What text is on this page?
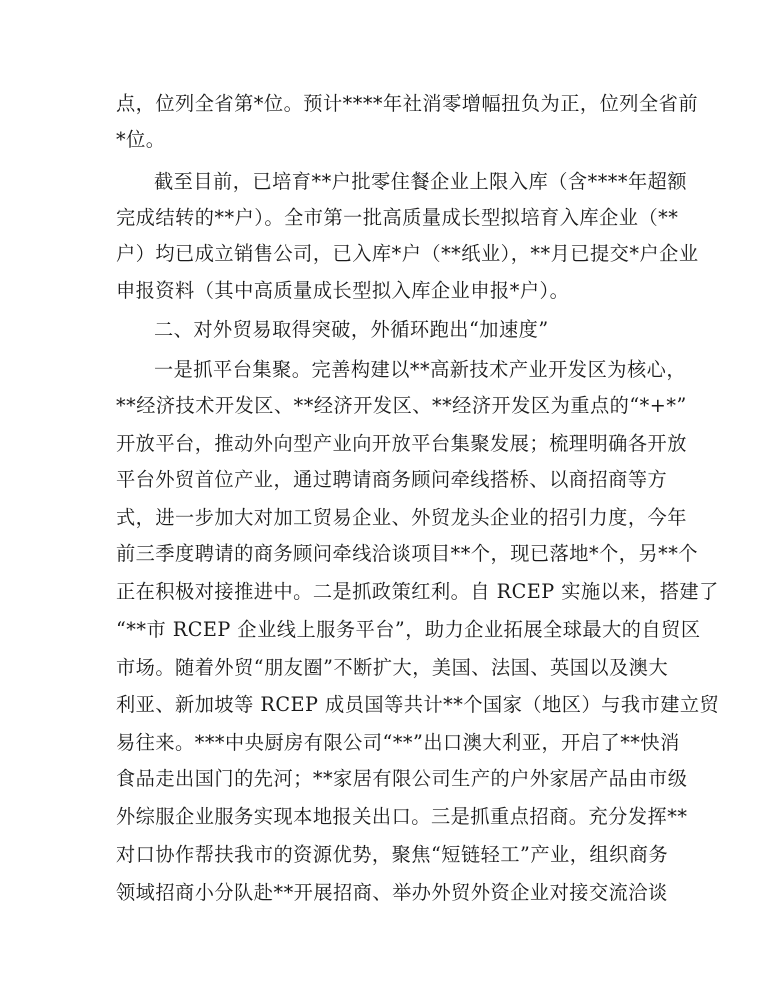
点，位列全省第*位。预计****年社消零增幅扭负为正，位列全省前
*位。
截至目前，已培育**户批零住餐企业上限入库（含****年超额
完成结转的**户）。全市第一批高质量成长型拟培育入库企业（**
户）均已成立销售公司，已入库*户（**纸业），**月已提交*户企业
申报资料（其中高质量成长型拟入库企业申报*户）。
二、对外贸易取得突破，外循环跑出“加速度”
一是抓平台集聚。完善构建以**高新技术产业开发区为核心，
**经济技术开发区、**经济开发区、**经济开发区为重点的“*+*”
开放平台，推动外向型产业向开放平台集聚发展；梳理明确各开放
平台外贸首位产业，通过聘请商务顾问牵线搭桥、以商招商等方
式，进一步加大对加工贸易企业、外贸龙头企业的招引力度，今年
前三季度聘请的商务顾问牵线洽谈项目**个，现已落地*个，另**个
正在积极对接推进中。二是抓政策红利。自 RCEP 实施以来，搭建了
“**市 RCEP 企业线上服务平台”，助力企业拓展全球最大的自贸区
市场。随着外贸“朋友圈”不断扩大，美国、法国、英国以及澳大
利亚、新加坡等 RCEP 成员国等共计**个国家（地区）与我市建立贸
易往来。***中央厨房有限公司“**”出口澳大利亚，开启了**快消
食品走出国门的先河；**家居有限公司生产的户外家居产品由市级
外综服企业服务实现本地报关出口。三是抓重点招商。充分发挥**
对口协作帮扶我市的资源优势，聚焦“短链轻工”产业，组织商务
领域招商小分队赴**开展招商、举办外贸外资企业对接交流洽谈
